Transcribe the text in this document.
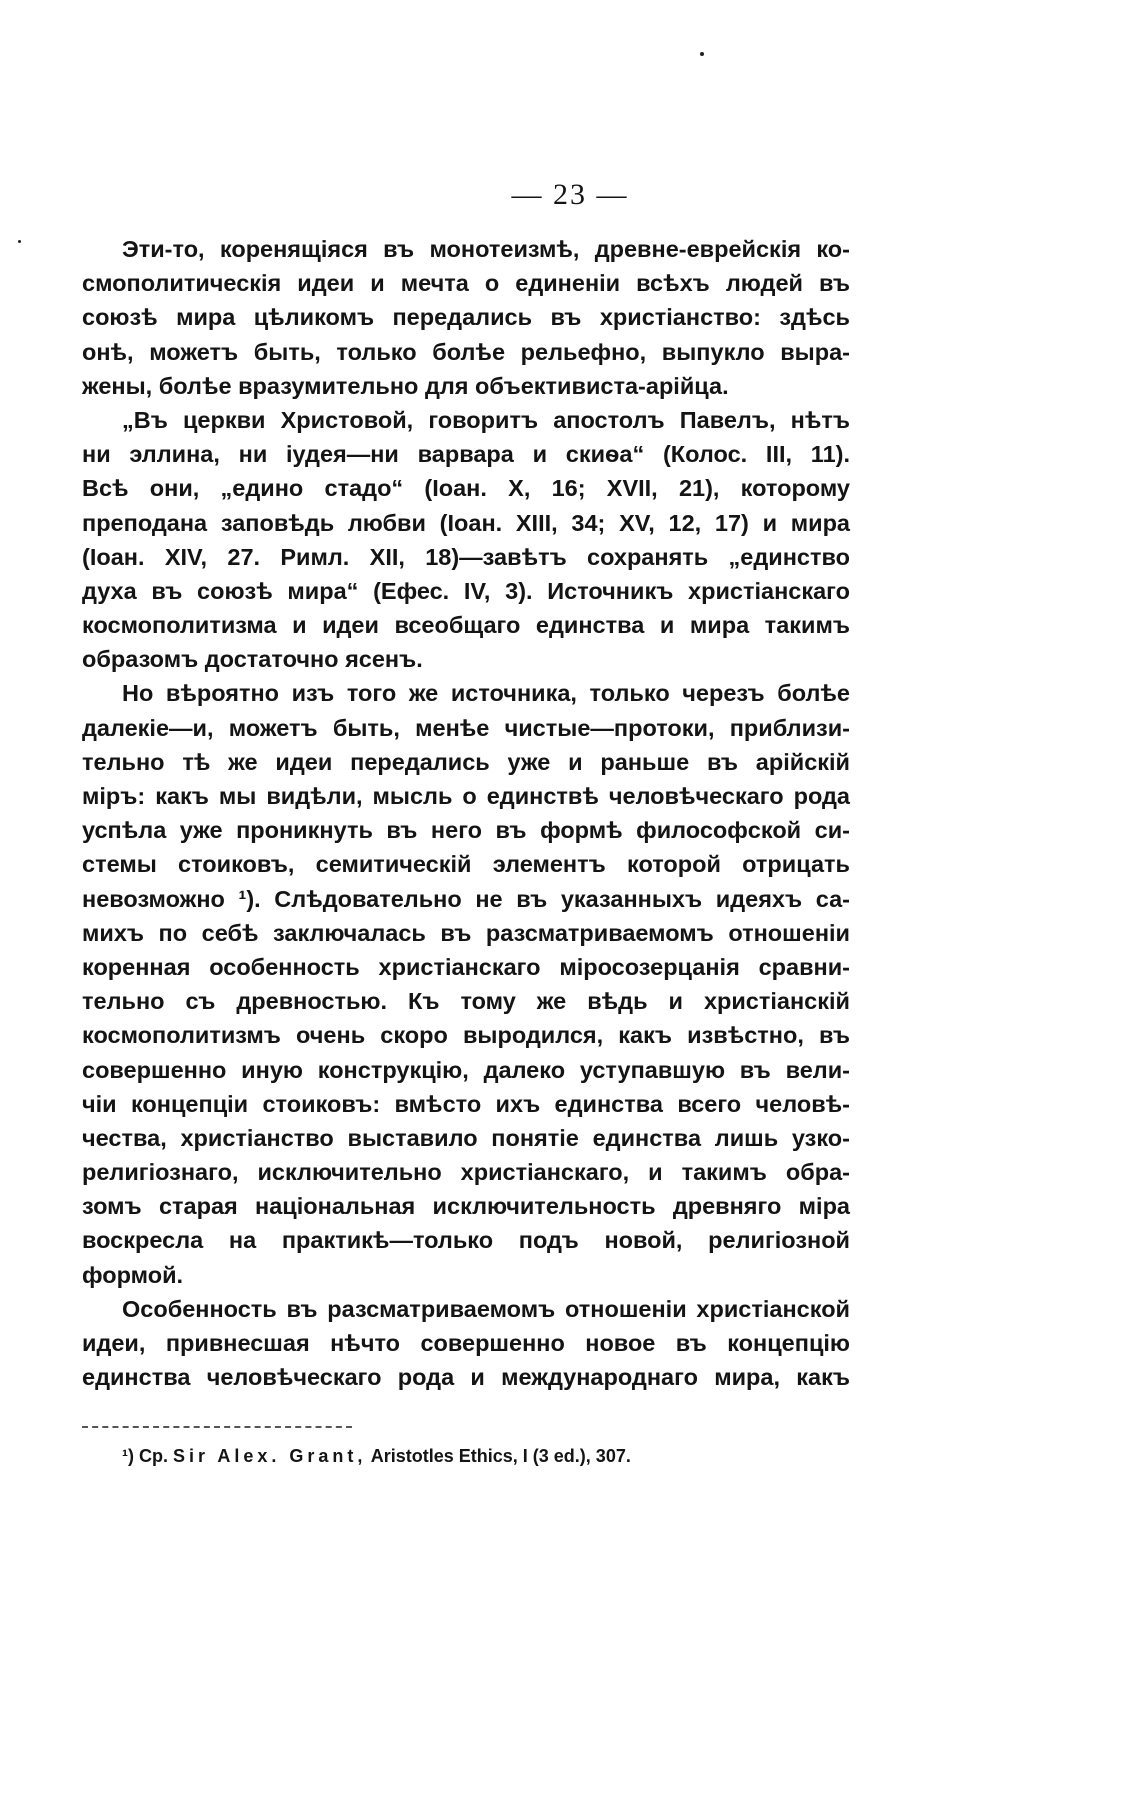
— 23 —
Эти-то, коренящіяся въ монотеизмѣ, древне-еврейскія ко-
смополитическія идеи и мечта о единеніи всѣхъ людей въ
союзѣ мира цѣликомъ передались въ христіанство: здѣсь
онѣ, можетъ быть, только болѣе рельефно, выпукло выра-
жены, болѣе вразумительно для объективиста-арійца.
„Въ церкви Христовой, говоритъ апостолъ Павелъ, нѣтъ
ни эллина, ни іудея—ни варвара и скиѳа“ (Колос. III, 11).
Всѣ они, „едино стадо“ (Іоан. X, 16; XVII, 21), которому
преподана заповѣдь любви (Іоан. XIII, 34; XV, 12, 17) и мира
(Іоан. XIV, 27. Римл. XII, 18)—завѣтъ сохранять „единство
духа въ союзѣ мира“ (Ефес. IV, 3). Источникъ христіанскаго
космополитизма и идеи всеобщаго единства и мира такимъ
образомъ достаточно ясенъ.
Но вѣроятно изъ того же источника, только черезъ болѣе
далекіе—и, можетъ быть, менѣе чистые—протоки, приблизи-
тельно тѣ же идеи передались уже и раньше въ арійскій
міръ: какъ мы видѣли, мысль о единствѣ человѣческаго рода
успѣла уже проникнуть въ него въ формѣ философской си-
стемы стоиковъ, семитическій элементъ которой отрицать
невозможно ¹). Слѣдовательно не въ указанныхъ идеяхъ са-
михъ по себѣ заключалась въ разсматриваемомъ отношеніи
коренная особенность христіанскаго міросозерцанія сравни-
тельно съ древностью. Къ тому же вѣдь и христіанскій
космополитизмъ очень скоро выродился, какъ извѣстно, въ
совершенно иную конструкцію, далеко уступавшую въ вели-
чіи концепціи стоиковъ: вмѣсто ихъ единства всего человѣ-
чества, христіанство выставило понятіе единства лишь узко-
религіознаго, исключительно христіанскаго, и такимъ обра-
зомъ старая національная исключительность древняго міра
воскресла на практикѣ—только подъ новой, религіозной
формой.
Особенность въ разсматриваемомъ отношеніи христіанской
идеи, привнесшая нѣчто совершенно новое въ концепцію
единства человѣческаго рода и международнаго мира, какъ
¹) Ср. Sir Alex. Grant, Aristotles Ethics, I (3 ed.), 307.
